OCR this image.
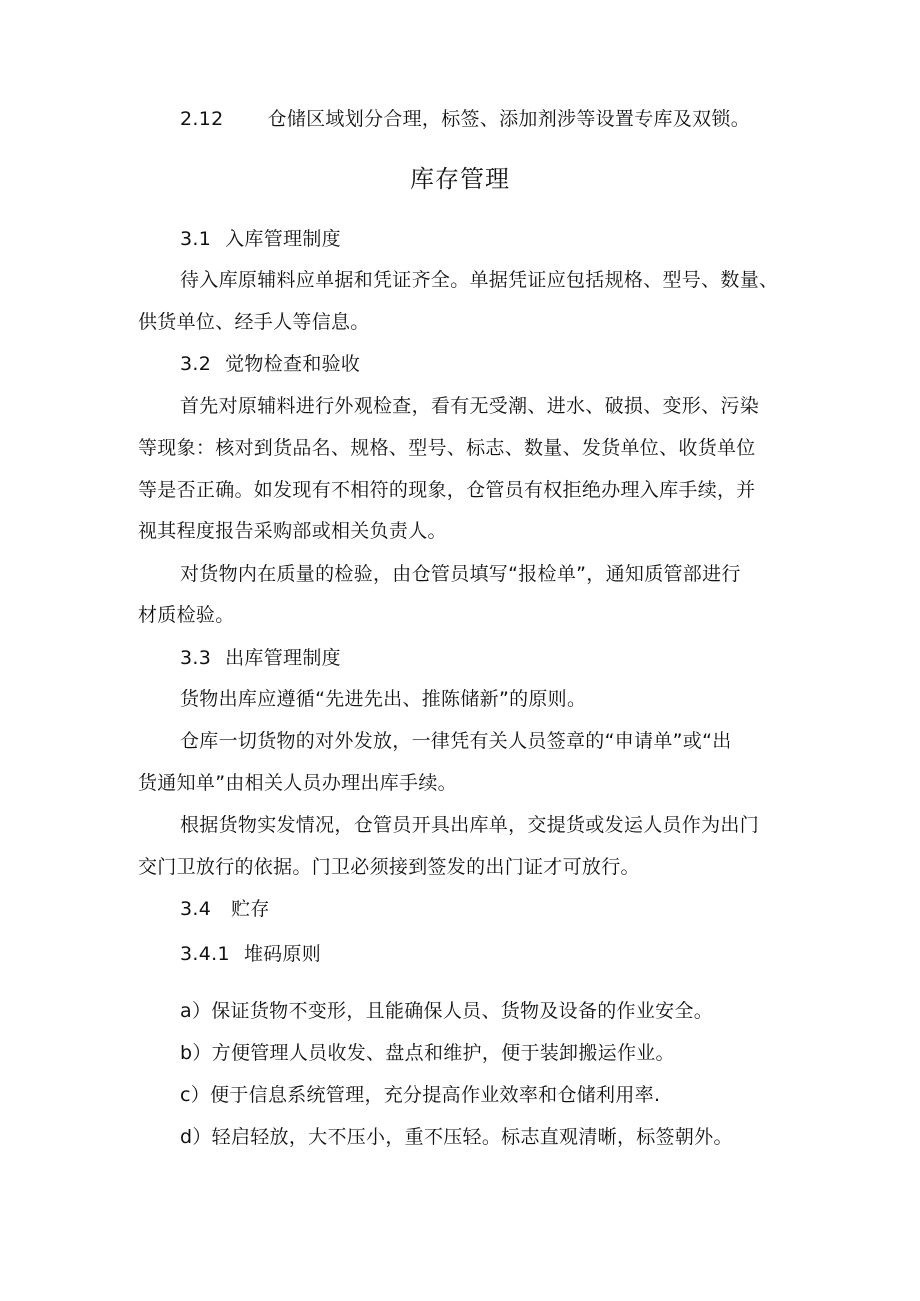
2.12 仓储区域划分合理，标签、添加剂涉等设置专库及双锁。
库存管理
3.1 入库管理制度
待入库原辅料应单据和凭证齐全。单据凭证应包括规格、型号、数量、
供货单位、经手人等信息。
3.2 觉物检查和验收
首先对原辅料进行外观检查，看有无受潮、进水、破损、变形、污染
等现象：核对到货品名、规格、型号、标志、数量、发货单位、收货单位
等是否正确。如发现有不相符的现象，仓管员有权拒绝办理入库手续，并
视其程度报告采购部或相关负责人。
对货物内在质量的检验，由仓管员填写“报检单”，通知质管部进行
材质检验。
3.3 出库管理制度
货物出库应遵循“先进先出、推陈储新”的原则。
仓库一切货物的对外发放，一律凭有关人员签章的“申请单”或“出
货通知单”由相关人员办理出库手续。
根据货物实发情况，仓管员开具出库单，交提货或发运人员作为出门
交门卫放行的依据。门卫必须接到签发的出门证才可放行。
3.4 贮存
3.4.1 堆码原则
a）保证货物不变形，且能确保人员、货物及设备的作业安全。
b）方便管理人员收发、盘点和维护，便于装卸搬运作业。
c）便于信息系统管理，充分提高作业效率和仓储利用率.
d）轻启轻放，大不压小，重不压轻。标志直观清晰，标签朝外。
